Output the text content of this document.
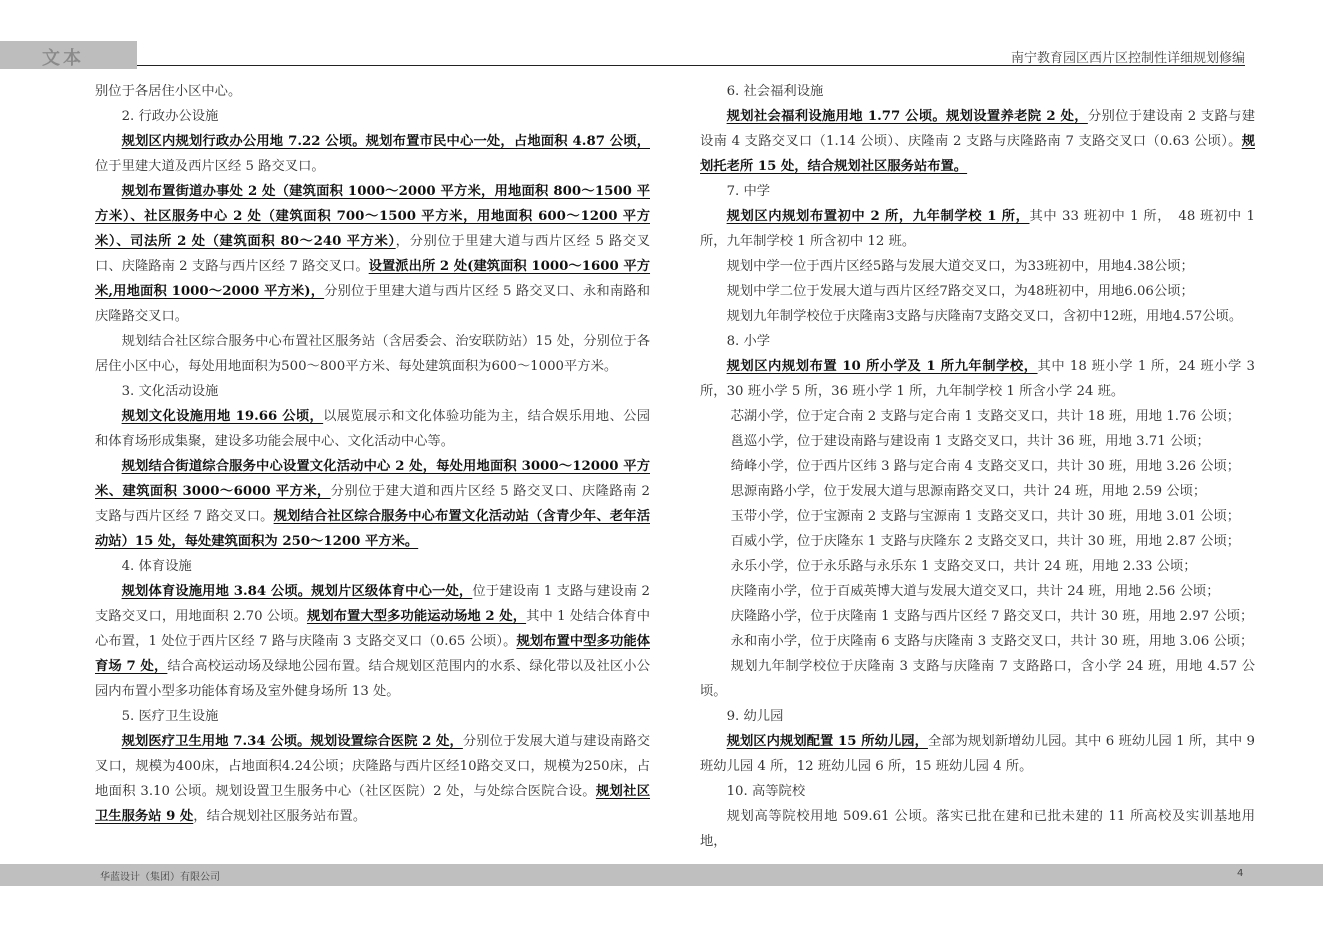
文本	南宁教育园区西片区控制性详细规划修编

别位于各居住小区中心。

2. 行政办公设施

规划区内规划行政办公用地 7.22 公顷。规划布置市民中心一处，占地面积 4.87 公顷，位于里建大道及西片区经 5 路交叉口。

规划布置街道办事处 2 处（建筑面积 1000～2000 平方米，用地面积 800～1500 平方米）、社区服务中心 2 处（建筑面积 700～1500 平方米，用地面积 600～1200 平方米）、司法所 2 处（建筑面积 80～240 平方米），分别位于里建大道与西片区经 5 路交叉口、庆隆路南 2 支路与西片区经 7 路交叉口。设置派出所 2 处(建筑面积 1000～1600 平方米,用地面积 1000～2000 平方米)，分别位于里建大道与西片区经 5 路交叉口、永和南路和庆隆路交叉口。

规划结合社区综合服务中心布置社区服务站（含居委会、治安联防站）15 处，分别位于各居住小区中心，每处用地面积为500～800平方米、每处建筑面积为600～1000平方米。

3. 文化活动设施

规划文化设施用地 19.66 公顷，以展览展示和文化体验功能为主，结合娱乐用地、公园和体育场形成集聚，建设多功能会展中心、文化活动中心等。

规划结合街道综合服务中心设置文化活动中心 2 处，每处用地面积 3000～12000 平方米、建筑面积 3000～6000 平方米，分别位于建大道和西片区经 5 路交叉口、庆隆路南 2 支路与西片区经 7 路交叉口。规划结合社区综合服务中心布置文化活动站（含青少年、老年活动站）15 处，每处建筑面积为 250～1200 平方米。

4. 体育设施

规划体育设施用地 3.84 公顷。规划片区级体育中心一处，位于建设南 1 支路与建设南 2 支路交叉口，用地面积 2.70 公顷。规划布置大型多功能运动场地 2 处，其中 1 处结合体育中心布置，1 处位于西片区经 7 路与庆隆南 3 支路交叉口（0.65 公顷）。规划布置中型多功能体育场 7 处，结合高校运动场及绿地公园布置。结合规划区范围内的水系、绿化带以及社区小公园内布置小型多功能体育场及室外健身场所 13 处。

5. 医疗卫生设施

规划医疗卫生用地 7.34 公顷。规划设置综合医院 2 处，分别位于发展大道与建设南路交叉口，规模为400床，占地面积4.24公顷；庆隆路与西片区经10路交叉口，规模为250床，占地面积 3.10 公顷。规划设置卫生服务中心（社区医院）2 处，与处综合医院合设。规划社区卫生服务站 9 处，结合规划社区服务站布置。

6. 社会福利设施

规划社会福利设施用地 1.77 公顷。规划设置养老院 2 处，分别位于建设南 2 支路与建设南 4 支路交叉口（1.14 公顷）、庆隆南 2 支路与庆隆路南 7 支路交叉口（0.63 公顷）。规划托老所 15 处，结合规划社区服务站布置。

7. 中学

规划区内规划布置初中 2 所，九年制学校 1 所，其中 33 班初中 1 所，　48 班初中 1 所，九年制学校 1 所含初中 12 班。

规划中学一位于西片区经5路与发展大道交叉口，为33班初中，用地4.38公顷；

规划中学二位于发展大道与西片区经7路交叉口，为48班初中，用地6.06公顷；

规划九年制学校位于庆隆南3支路与庆隆南7支路交叉口，含初中12班，用地4.57公顷。

8. 小学

规划区内规划布置 10 所小学及 1 所九年制学校，其中 18 班小学 1 所，24 班小学 3 所，30 班小学 5 所，36 班小学 1 所，九年制学校 1 所含小学 24 班。

芯湖小学，位于定合南 2 支路与定合南 1 支路交叉口，共计 18 班，用地 1.76 公顷；

邕巡小学，位于建设南路与建设南 1 支路交叉口，共计 36 班，用地 3.71 公顷；

绮峰小学，位于西片区纬 3 路与定合南 4 支路交叉口，共计 30 班，用地 3.26 公顷；

思源南路小学，位于发展大道与思源南路交叉口，共计 24 班，用地 2.59 公顷；

玉带小学，位于宝源南 2 支路与宝源南 1 支路交叉口，共计 30 班，用地 3.01 公顷；

百威小学，位于庆隆东 1 支路与庆隆东 2 支路交叉口，共计 30 班，用地 2.87 公顷；

永乐小学，位于永乐路与永乐东 1 支路交叉口，共计 24 班，用地 2.33 公顷；

庆隆南小学，位于百威英博大道与发展大道交叉口，共计 24 班，用地 2.56 公顷；

庆隆路小学，位于庆隆南 1 支路与西片区经 7 路交叉口，共计 30 班，用地 2.97 公顷；

永和南小学，位于庆隆南 6 支路与庆隆南 3 支路交叉口，共计 30 班，用地 3.06 公顷；

规划九年制学校位于庆隆南 3 支路与庆隆南 7 支路路口，含小学 24 班，用地 4.57 公顷。

9. 幼儿园

规划区内规划配置 15 所幼儿园，全部为规划新增幼儿园。其中 6 班幼儿园 1 所，其中 9 班幼儿园 4 所，12 班幼儿园 6 所，15 班幼儿园 4 所。

10. 高等院校

规划高等院校用地 509.61 公顷。落实已批在建和已批未建的 11 所高校及实训基地用地，

华蓝设计（集团）有限公司	4
